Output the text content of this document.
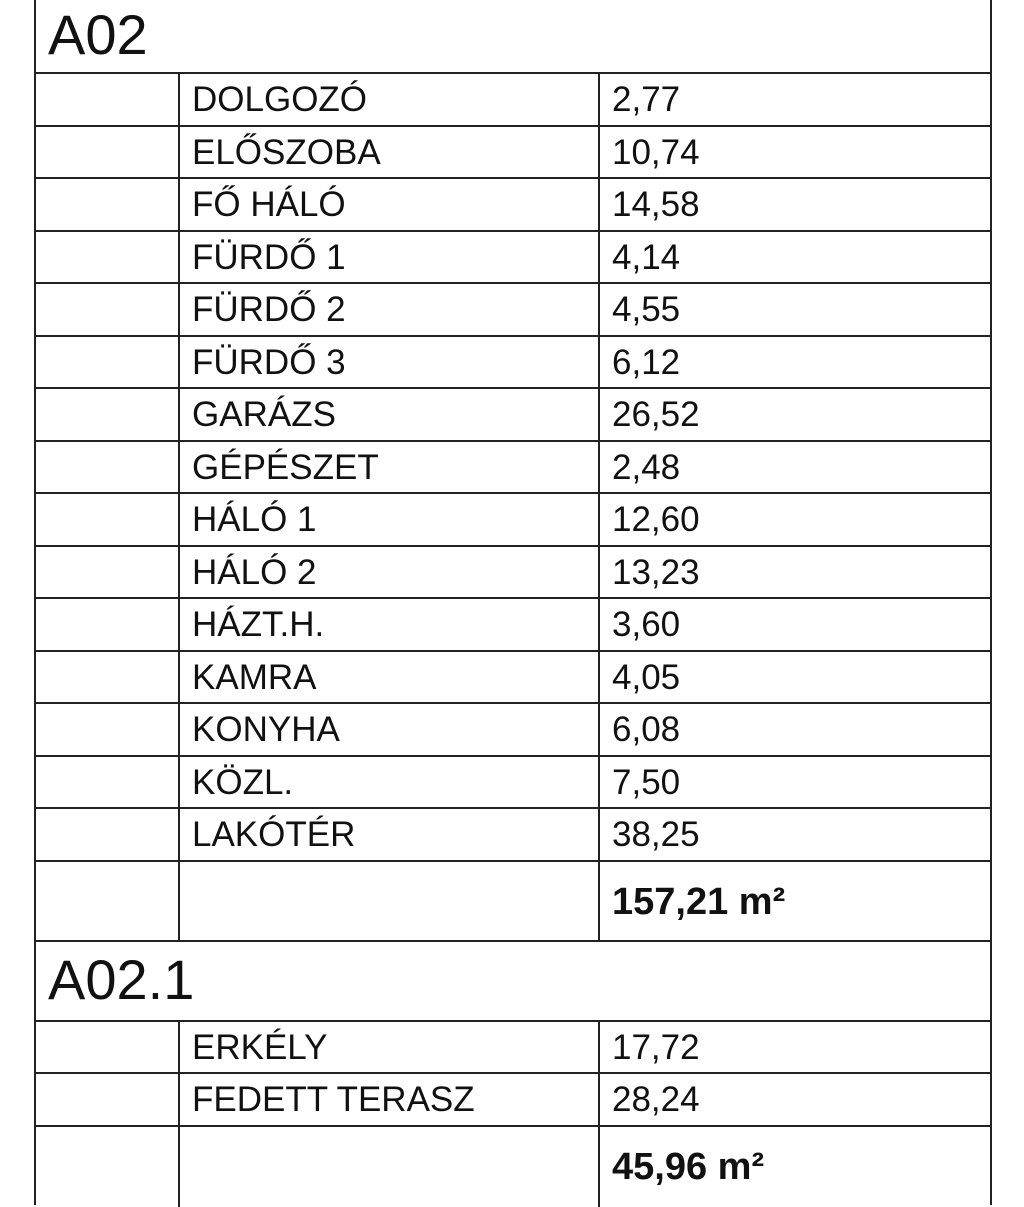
A02
DOLGOZÓ	2,77
ELŐSZOBA	10,74
FŐ HÁLÓ	14,58
FÜRDŐ 1	4,14
FÜRDŐ 2	4,55
FÜRDŐ 3	6,12
GARÁZS	26,52
GÉPÉSZET	2,48
HÁLÓ 1	12,60
HÁLÓ 2	13,23
HÁZT.H.	3,60
KAMRA	4,05
KONYHA	6,08
KÖZL.	7,50
LAKÓTÉR	38,25
157,21 m²
A02.1
ERKÉLY	17,72
FEDETT TERASZ	28,24
45,96 m²
